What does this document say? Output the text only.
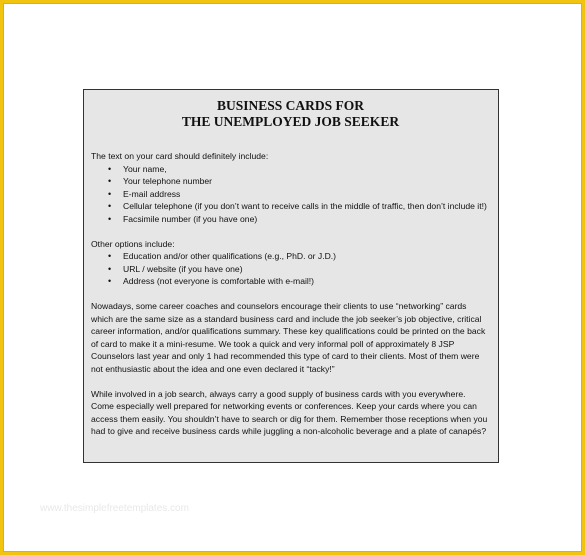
BUSINESS CARDS FOR
THE UNEMPLOYED JOB SEEKER

The text on your card should definitely include:

• Your name,
• Your telephone number
• E-mail address
• Cellular telephone (if you don’t want to receive calls in the middle of traffic, then don’t include it!)
• Facsimile number (if you have one)

Other options include:

• Education and/or other qualifications (e.g., PhD. or J.D.)
• URL / website (if you have one)
• Address (not everyone is comfortable with e-mail!)

Nowadays, some career coaches and counselors encourage their clients to use “networking” cards which are the same size as a standard business card and include the job seeker’s job objective, critical career information, and/or qualifications summary. These key qualifications could be printed on the back of card to make it a mini-resume. We took a quick and very informal poll of approximately 8 JSP Counselors last year and only 1 had recommended this type of card to their clients. Most of them were not enthusiastic about the idea and one even declared it “tacky!”

While involved in a job search, always carry a good supply of business cards with you everywhere. Come especially well prepared for networking events or conferences. Keep your cards where you can access them easily. You shouldn’t have to search or dig for them. Remember those receptions when you had to give and receive business cards while juggling a non-alcoholic beverage and a plate of canapés?

www.thesimplefreetemplates.com
